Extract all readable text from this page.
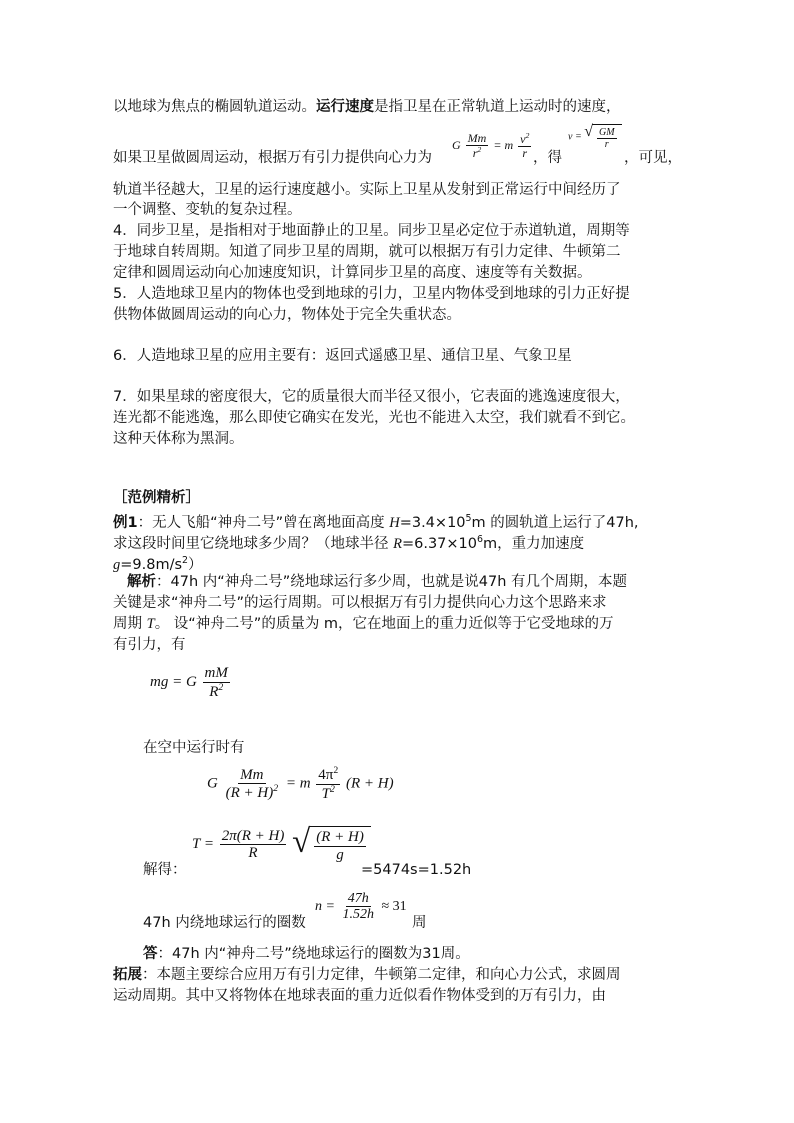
以地球为焦点的椭圆轨道运动。运行速度是指卫星在正常轨道上运动时的速度，
如果卫星做圆周运动，根据万有引力提供向心力为
G $\frac{Mm}{r^2} = m \frac{v^2}{r}$ ，得
v = √ $\frac{GM}{r}$
，可见，
轨道半径越大，卫星的运行速度越小。实际上卫星从发射到正常运行中间经历了
一个调整、变轨的复杂过程。
4．同步卫星，是指相对于地面静止的卫星。同步卫星必定位于赤道轨道，周期等
于地球自转周期。知道了同步卫星的周期，就可以根据万有引力定律、牛顿第二
定律和圆周运动向心加速度知识，计算同步卫星的高度、速度等有关数据。
5．人造地球卫星内的物体也受到地球的引力，卫星内物体受到地球的引力正好提
供物体做圆周运动的向心力，物体处于完全失重状态。
6．人造地球卫星的应用主要有：返回式遥感卫星、通信卫星、气象卫星
7．如果星球的密度很大，它的质量很大而半径又很小，它表面的逃逸速度很大，
连光都不能逃逸，那么即使它确实在发光，光也不能进入太空，我们就看不到它。
这种天体称为黑洞。
［范例精析］
例1：无人飞船“神舟二号”曾在离地面高度 $H=3.4\times 10^5m$ 的圆轨道上运行了47h,
求这段时间里它绕地球多少周？（地球半径 $R=6.37\times 10^6m$，重力加速度
$g=9.8m/s^2$）
解析：47h 内“神舟二号”绕地球运行多少周，也就是说47h 有几个周期，本题
关键是求“神舟二号”的运行周期。可以根据万有引力提供向心力这个思路来求
周期 T。 设“神舟二号”的质量为 m，它在地面上的重力近似等于它受地球的万
有引力，有
mg = G $\frac{mM}{R^2}$
在空中运行时有
G $\frac{Mm}{(R + H)^2} = m \frac{4\pi^2}{T^2} (R + H)$
$T = \frac{2\pi(R + H)}{R}$
√ $\frac{(R + H)}{g}$
解得：	=5474s=1.52h
47h 内绕地球运行的圈数
$n = \frac{47h}{1.52h} \approx 31$
周
答：47h 内“神舟二号”绕地球运行的圈数为31周。
拓展：本题主要综合应用万有引力定律，牛顿第二定律，和向心力公式，求圆周
运动周期。其中又将物体在地球表面的重力近似看作物体受到的万有引力，由
